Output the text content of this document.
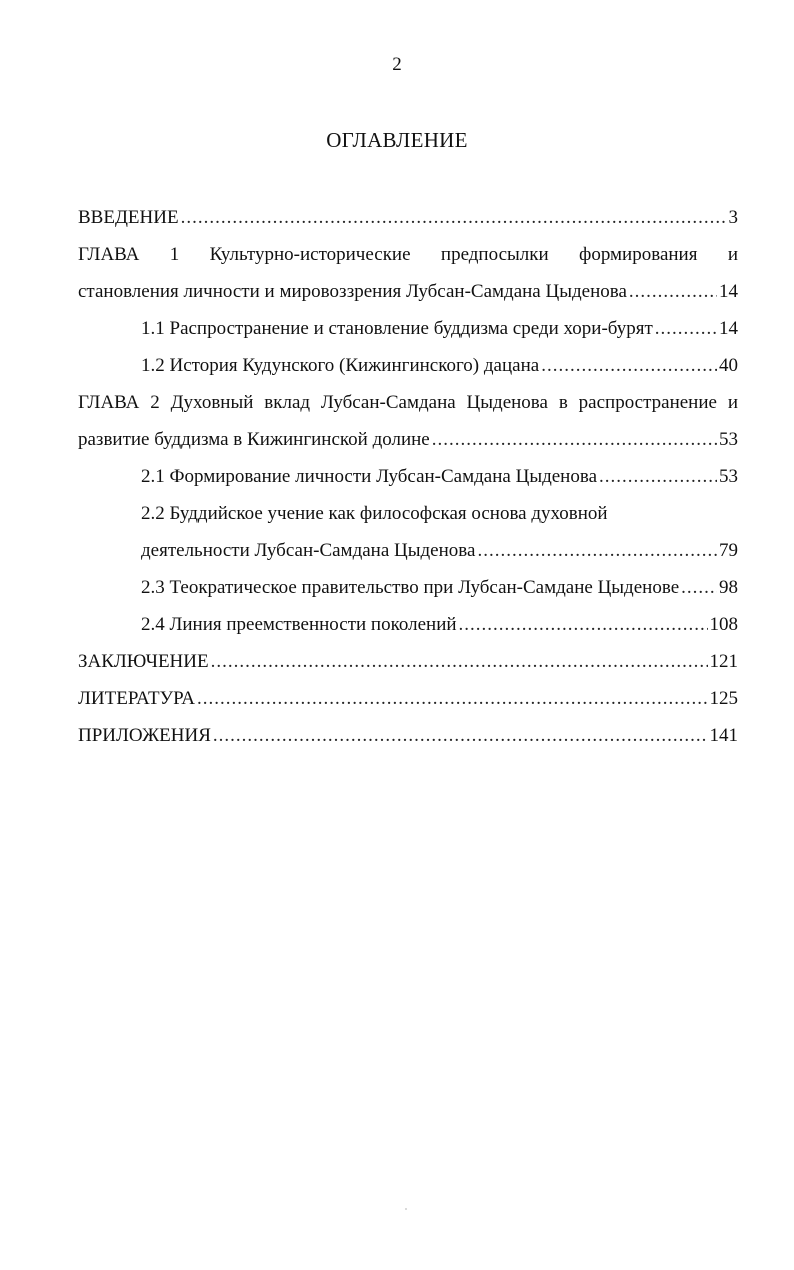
2
ОГЛАВЛЕНИЕ
ВВЕДЕНИЕ .....	3
ГЛАВА 1 Культурно-исторические предпосылки формирования и
становления личности и мировоззрения Лубсан-Самдана Цыденова .....	14
1.1 Распространение и становление буддизма среди хори-бурят .....	14
1.2 История Кудунского (Кижингинского) дацана .....	40
ГЛАВА 2 Духовный вклад Лубсан-Самдана Цыденова в распространение и
развитие буддизма в Кижингинской долине .....	53
2.1 Формирование личности Лубсан-Самдана Цыденова .....	53
2.2 Буддийское учение как философская основа духовной
деятельности Лубсан-Самдана Цыденова .....	79
2.3 Теократическое правительство при Лубсан-Самдане Цыденове ..... 98
2.4 Линия преемственности поколений .....	108
ЗАКЛЮЧЕНИЕ .....	121
ЛИТЕРАТУРА .....	125
ПРИЛОЖЕНИЯ .....	141
